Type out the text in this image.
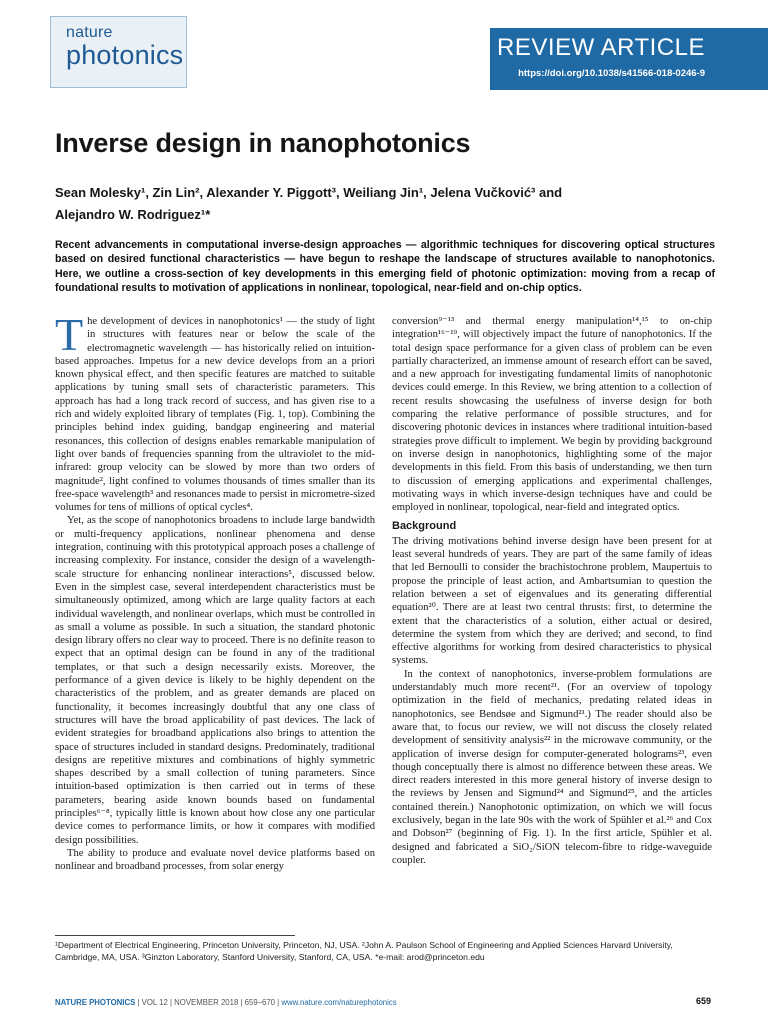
nature
photonics	REVIEW ARTICLE
https://doi.org/10.1038/s41566-018-0246-9
Inverse design in nanophotonics
Sean Molesky¹, Zin Lin², Alexander Y. Piggott³, Weiliang Jin¹, Jelena Vučković³ and
Alejandro W. Rodriguez¹*
Recent advancements in computational inverse-design approaches — algorithmic techniques for discovering optical structures based on desired functional characteristics — have begun to reshape the landscape of structures available to nanophotonics. Here, we outline a cross-section of key developments in this emerging field of photonic optimization: moving from a recap of foundational results to motivation of applications in nonlinear, topological, near-field and on-chip optics.

The development of devices in nanophotonics¹ — the study of light in structures with features near or below the scale of the electromagnetic wavelength — has historically relied on intuition-based approaches. Impetus for a new device develops from an a priori known physical effect, and then specific features are matched to suitable applications by tuning small sets of characteristic parameters. This approach has had a long track record of success, and has given rise to a rich and widely exploited library of templates (Fig. 1, top). Combining the principles behind index guiding, bandgap engineering and material resonances, this collection of designs enables remarkable manipulation of light over bands of frequencies spanning from the ultraviolet to the mid-infrared: group velocity can be slowed by more than two orders of magnitude², light confined to volumes thousands of times smaller than its free-space wavelength³ and resonances made to persist in micrometre-sized volumes for tens of millions of optical cycles⁴.

Yet, as the scope of nanophotonics broadens to include large bandwidth or multi-frequency applications, nonlinear phenomena and dense integration, continuing with this prototypical approach poses a challenge of increasing complexity. For instance, consider the design of a wavelength-scale structure for enhancing nonlinear interactions⁵, discussed below. Even in the simplest case, several interdependent characteristics must be simultaneously optimized, among which are large quality factors at each individual wavelength, and nonlinear overlaps, which must be controlled in as small a volume as possible. In such a situation, the standard photonic design library offers no clear way to proceed. There is no definite reason to expect that an optimal design can be found in any of the traditional templates, or that such a design necessarily exists. Moreover, the performance of a given device is likely to be highly dependent on the characteristics of the problem, and as greater demands are placed on functionality, it becomes increasingly doubtful that any one class of structures will have the broad applicability of past devices. The lack of evident strategies for broadband applications also brings to attention the space of structures included in standard designs. Predominately, traditional designs are repetitive mixtures and combinations of highly symmetric shapes described by a small collection of tuning parameters. Since intuition-based optimization is then carried out in terms of these parameters, bearing aside known bounds based on fundamental principles⁶⁻⁸, typically little is known about how close any one particular device comes to performance limits, or how it compares with modified design possibilities.

The ability to produce and evaluate novel device platforms based on nonlinear and broadband processes, from solar energy

conversion⁹⁻¹³ and thermal energy manipulation¹⁴,¹⁵ to on-chip integration¹⁶⁻¹⁹, will objectively impact the future of nanophotonics. If the total design space performance for a given class of problem can be even partially characterized, an immense amount of research effort can be saved, and a new approach for investigating fundamental limits of nanophotonic devices could emerge. In this Review, we bring attention to a collection of recent results showcasing the usefulness of inverse design for both comparing the relative performance of possible structures, and for discovering photonic devices in instances where traditional intuition-based strategies prove difficult to implement. We begin by providing background on inverse design in nanophotonics, highlighting some of the major developments in this field. From this basis of understanding, we then turn to discussion of emerging applications and experimental challenges, motivating ways in which inverse-design techniques have and could be employed in nonlinear, topological, near-field and integrated optics.

Background

The driving motivations behind inverse design have been present for at least several hundreds of years. They are part of the same family of ideas that led Bernoulli to consider the brachistochrone problem, Maupertuis to propose the principle of least action, and Ambartsumian to question the relation between a set of eigenvalues and its generating differential equation²⁰. There are at least two central thrusts: first, to determine the extent that the characteristics of a solution, either actual or desired, determine the system from which they are derived; and second, to find effective algorithms for working from desired characteristics to physical systems.

In the context of nanophotonics, inverse-problem formulations are understandably much more recent²¹. (For an overview of topology optimization in the field of mechanics, predating related ideas in nanophotonics, see Bendsøe and Sigmund²¹.) The reader should also be aware that, to focus our review, we will not discuss the closely related development of sensitivity analysis²² in the microwave community, or the application of inverse design for computer-generated holograms²³, even though conceptually there is almost no difference between these areas. We direct readers interested in this more general history of inverse design to the reviews by Jensen and Sigmund²⁴ and Sigmund²⁵, and the articles contained therein.) Nanophotonic optimization, on which we will focus exclusively, began in the late 90s with the work of Spühler et al.²⁶ and Cox and Dobson²⁷ (beginning of Fig. 1). In the first article, Spühler et al. designed and fabricated a SiO₂/SiON telecom-fibre to ridge-waveguide coupler.

¹Department of Electrical Engineering, Princeton University, Princeton, NJ, USA. ²John A. Paulson School of Engineering and Applied Sciences Harvard University, Cambridge, MA, USA. ³Ginzton Laboratory, Stanford University, Stanford, CA, USA. *e-mail: arod@princeton.edu
NATURE PHOTONICS | VOL 12 | NOVEMBER 2018 | 659–670 | www.nature.com/naturephotonics	659
